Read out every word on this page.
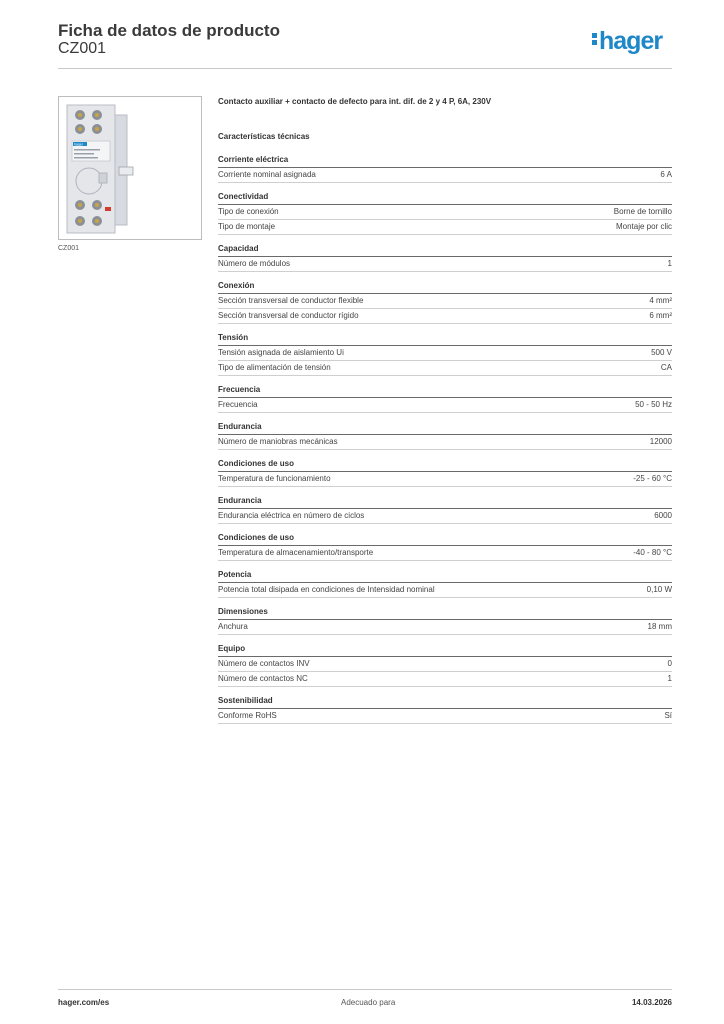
Ficha de datos de producto
CZ001	hager
hager
CZ001
Contacto auxiliar + contacto de defecto para int. dif. de 2 y 4 P, 6A, 230V
Características técnicas
Corriente eléctrica
Corriente nominal asignada	6 A
Conectividad
Tipo de conexión	Borne de tornillo
Tipo de montaje	Montaje por clic
Capacidad
Número de módulos	1
Conexión
Sección transversal de conductor flexible	4 mm²
Sección transversal de conductor rígido	6 mm²
Tensión
Tensión asignada de aislamiento Ui	500 V
Tipo de alimentación de tensión	CA
Frecuencia
Frecuencia	50 - 50 Hz
Endurancia
Número de maniobras mecánicas	12000
Condiciones de uso
Temperatura de funcionamiento	-25 - 60 °C
Endurancia
Endurancia eléctrica en número de ciclos	6000
Condiciones de uso
Temperatura de almacenamiento/transporte	-40 - 80 °C
Potencia
Potencia total disipada en condiciones de Intensidad nominal	0,10 W
Dimensiones
Anchura	18 mm
Equipo
Número de contactos INV	0
Número de contactos NC	1
Sostenibilidad
Conforme RoHS	Sí
hager.com/es	Adecuado para	14.03.2026
